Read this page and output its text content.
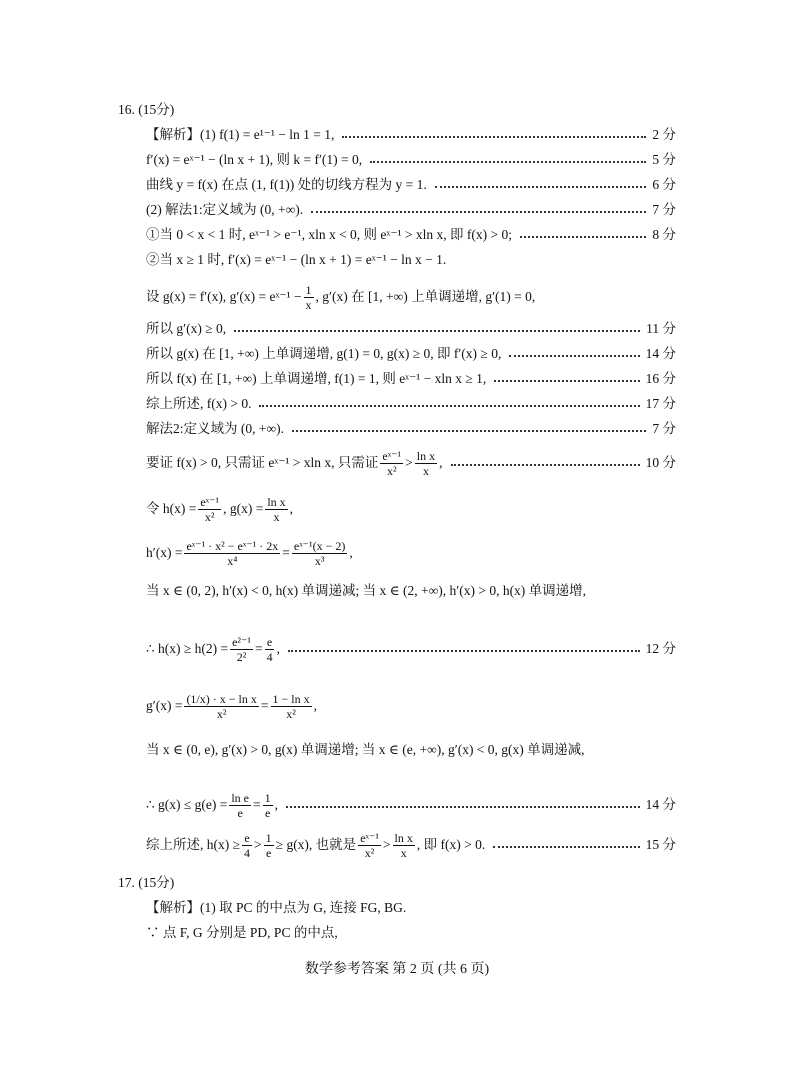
16. (15分)
【解析】(1) f(1) = e¹⁻¹ − ln 1 = 1,	2 分
f′(x) = eˣ⁻¹ − (ln x + 1), 则 k = f′(1) = 0,	5 分
曲线 y = f(x) 在点 (1, f(1)) 处的切线方程为 y = 1.	6 分
(2) 解法1:定义域为 (0, +∞).	7 分
①当 0 < x < 1 时, eˣ⁻¹ > e⁻¹, xln x < 0, 则 eˣ⁻¹ > xln x, 即 f(x) > 0;	8 分
②当 x ≥ 1 时, f′(x) = eˣ⁻¹ − (ln x + 1) = eˣ⁻¹ − ln x − 1.
设 g(x) = f′(x), g′(x) = eˣ⁻¹ − $\frac{1}{x}$ , g′(x) 在 [1, +∞) 上单调递增, g′(1) = 0,
所以 g′(x) ≥ 0,	11 分
所以 g(x) 在 [1, +∞) 上单调递增, g(1) = 0, g(x) ≥ 0, 即 f′(x) ≥ 0,	14 分
所以 f(x) 在 [1, +∞) 上单调递增, f(1) = 1, 则 eˣ⁻¹ − xln x ≥ 1,	16 分
综上所述, f(x) > 0.	17 分
解法2:定义域为 (0, +∞).	7 分
要证 f(x) > 0, 只需证 eˣ⁻¹ > xln x, 只需证 $\frac{\text{eˣ⁻¹}}{\text{x²}} > \frac{\text{ln x}}{x}$ ,	10 分
令 $h(x) = \frac{\text{eˣ⁻¹}}{\text{x²}}$ , $g(x) = \frac{\text{ln x}}{x}$ ,
$h'(x) = \frac{\text{eˣ⁻¹ · x² − eˣ⁻¹ · 2x}}{\text{x⁴}} = \frac{\text{eˣ⁻¹(x − 2)}}{\text{x³}}$ ,
当 x ∈ (0, 2), h′(x) < 0, h(x) 单调递减; 当 x ∈ (2, +∞), h′(x) > 0, h(x) 单调递增,
∴ $h(x) \ge h(2) = \frac{\text{e²⁻¹}}{\text{2²}} = \frac{e}{4}$ ,	12 分
$g'(x) = \frac{\text{(1/x) · x − ln x}}{\text{x²}} = \frac{\text{1 − ln x}}{\text{x²}}$ ,
当 x ∈ (0, e), g′(x) > 0, g(x) 单调递增; 当 x ∈ (e, +∞), g′(x) < 0, g(x) 单调递减,
∴ $g(x) \le g(e) = \frac{\text{ln e}}{e} = \frac{1}{e}$ ,	14 分
综上所述, $h(x) \ge \frac{e}{4} > \frac{1}{e} \ge g(x)$, 也就是 $\frac{\text{eˣ⁻¹}}{\text{x²}} > \frac{\text{ln x}}{x}$ , 即 f(x) > 0.	15 分
17. (15分)
【解析】(1) 取 PC 的中点为 G, 连接 FG, BG.
∵ 点 F, G 分别是 PD, PC 的中点,
数学参考答案 第 2 页 (共 6 页)
